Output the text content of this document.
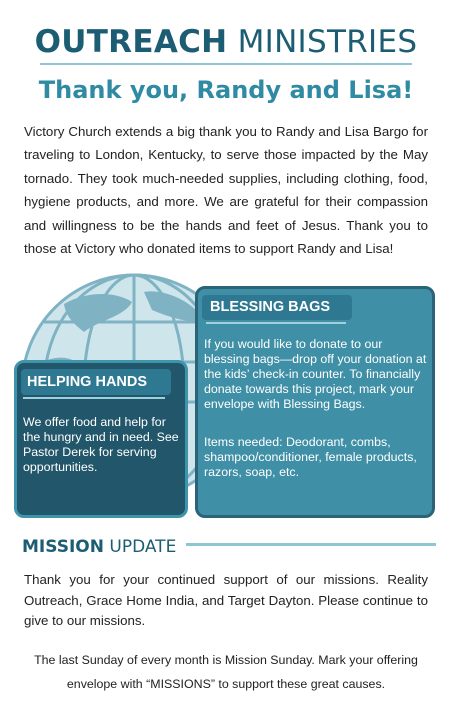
OUTREACH MINISTRIES
Thank you, Randy and Lisa!
Victory Church extends a big thank you to Randy and Lisa Bargo for traveling to London, Kentucky, to serve those impacted by the May tornado. They took much-needed supplies, including clothing, food, hygiene products, and more. We are grateful for their compassion and willingness to be the hands and feet of Jesus. Thank you to those at Victory who donated items to support Randy and Lisa!
BLESSING BAGS

If you would like to donate to our blessing bags—drop off your donation at the kids’ check-in counter. To financially donate towards this project, mark your envelope with Blessing Bags.

Items needed: Deodorant, combs, shampoo/conditioner, female products, razors, soap, etc.

HELPING HANDS

We offer food and help for the hungry and in need. See Pastor Derek for serving opportunities.

MISSION UPDATE
Thank you for your continued support of our missions. Reality Outreach, Grace Home India, and Target Dayton. Please continue to give to our missions.
The last Sunday of every month is Mission Sunday. Mark your offering envelope with “MISSIONS” to support these great causes.
